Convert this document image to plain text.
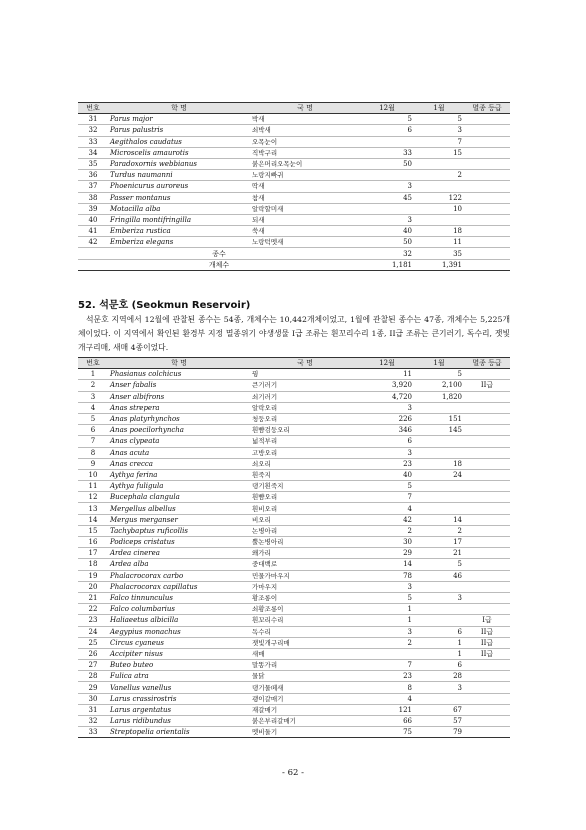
번호	학 명	국 명	12월	1월	멸종 등급
31	Parus major	박새	5	5	
32	Parus palustris	쇠박새	6	3	
33	Aegithalos caudatus	오목눈이		7	
34	Microscelis amaurotis	직박구리	33	15	
35	Paradoxornis webbianus	붉은머리오목눈이	50		
36	Turdus naumanni	노랑지빠귀		2	
37	Phoenicurus auroreus	딱새	3		
38	Passer montanus	참새	45	122	
39	Motacilla alba	알락할미새		10	
40	Fringilla montifringilla	되새	3		
41	Emberiza rustica	쑥새	40	18	
42	Emberiza elegans	노랑턱멧새	50	11	
종수			32	35	
개체수			1,181	1,391	
52. 석문호 (Seokmun Reservoir)

석문호 지역에서 12월에 관찰된 종수는 54종, 개체수는 10,442개체이었고, 1월에 관찰된 종수는 47종, 개체수는 5,225개체이었다. 이 지역에서 확인된 환경부 지정 멸종위기 야생생물 I급 조류는 흰꼬리수리 1종, II급 조류는 큰기러기, 독수리, 잿빛개구리매, 새매 4종이었다.

번호	학 명	국 명	12월	1월	멸종 등급
1	Phasianus colchicus	꿩	11	5	
2	Anser fabalis	큰기러기	3,920	2,100	II급
3	Anser albifrons	쇠기러기	4,720	1,820	
4	Anas strepera	알락오리	3		
5	Anas platyrhynchos	청둥오리	226	151	
6	Anas poecilorhyncha	흰뺨검둥오리	346	145	
7	Anas clypeata	넓적부리	6		
8	Anas acuta	고방오리	3		
9	Anas crecca	쇠오리	23	18	
10	Aythya ferina	흰죽지	40	24	
11	Aythya fuligula	댕기흰죽지	5		
12	Bucephala clangula	흰뺨오리	7		
13	Mergellus albellus	흰비오리	4		
14	Mergus merganser	비오리	42	14	
15	Tachybaptus ruficollis	논병아리	2	2	
16	Podiceps cristatus	뿔논병아리	30	17	
17	Ardea cinerea	왜가리	29	21	
18	Ardea alba	중대백로	14	5	
19	Phalacrocorax carbo	민물가마우지	78	46	
20	Phalacrocorax capillatus	가마우지	3		
21	Falco tinnunculus	황조롱이	5	3	
22	Falco columbarius	쇠황조롱이	1		
23	Haliaeetus albicilla	흰꼬리수리	1		I급
24	Aegypius monachus	독수리	3	6	II급
25	Circus cyaneus	잿빛개구리매	2	1	II급
26	Accipiter nisus	새매		1	II급
27	Buteo buteo	말똥가리	7	6	
28	Fulica atra	물닭	23	28	
29	Vanellus vanellus	댕기물떼새	8	3	
30	Larus crassirostris	괭이갈매기	4		
31	Larus argentatus	재갈매기	121	67	
32	Larus ridibundus	붉은부리갈매기	66	57	
33	Streptopelia orientalis	멧비둘기	75	79	
- 62 -
